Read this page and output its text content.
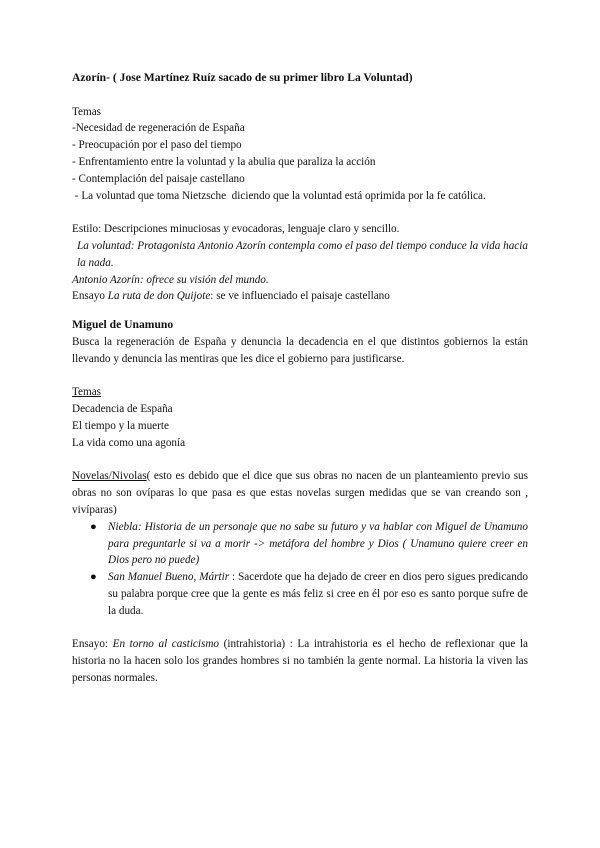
Azorín- ( Jose Martínez Ruíz sacado de su primer libro La Voluntad)

Temas

-Necesidad de regeneración de España

- Preocupación por el paso del tiempo

- Enfrentamiento entre la voluntad y la abulia que paraliza la acción

- Contemplación del paisaje castellano

- La voluntad que toma Nietzsche  diciendo que la voluntad está oprimida por la fe católica.

Estilo: Descripciones minuciosas y evocadoras, lenguaje claro y sencillo.

La voluntad: Protagonista Antonio Azorín contempla como el paso del tiempo conduce la vida hacia la nada.

Antonio Azorín: ofrece su visión del mundo.

Ensayo La ruta de don Quijote: se ve influenciado el paisaje castellano

Miguel de Unamuno

Busca la regeneración de España y denuncia la decadencia en el que distintos gobiernos la están llevando y denuncia las mentiras que les dice el gobierno para justificarse.

Temas

Decadencia de España

El tiempo y la muerte

La vida como una agonía

Novelas/Nivolas( esto es debido que el dice que sus obras no nacen de un planteamiento previo sus obras no son ovíparas lo que pasa es que estas novelas surgen medidas que se van creando son , vivíparas)

● Niebla: Historia de un personaje que no sabe su futuro y va hablar con Miguel de Unamuno para preguntarle si va a morir -> metáfora del hombre y Dios ( Unamuno quiere creer en Dios pero no puede)
● San Manuel Bueno, Mártir : Sacerdote que ha dejado de creer en dios pero sigues predicando su palabra porque cree que la gente es más feliz si cree en él por eso es santo porque sufre de la duda.

Ensayo: En torno al casticismo (intrahistoria) : La intrahistoria es el hecho de reflexionar que la historia no la hacen solo los grandes hombres si no también la gente normal. La historia la viven las personas normales.
